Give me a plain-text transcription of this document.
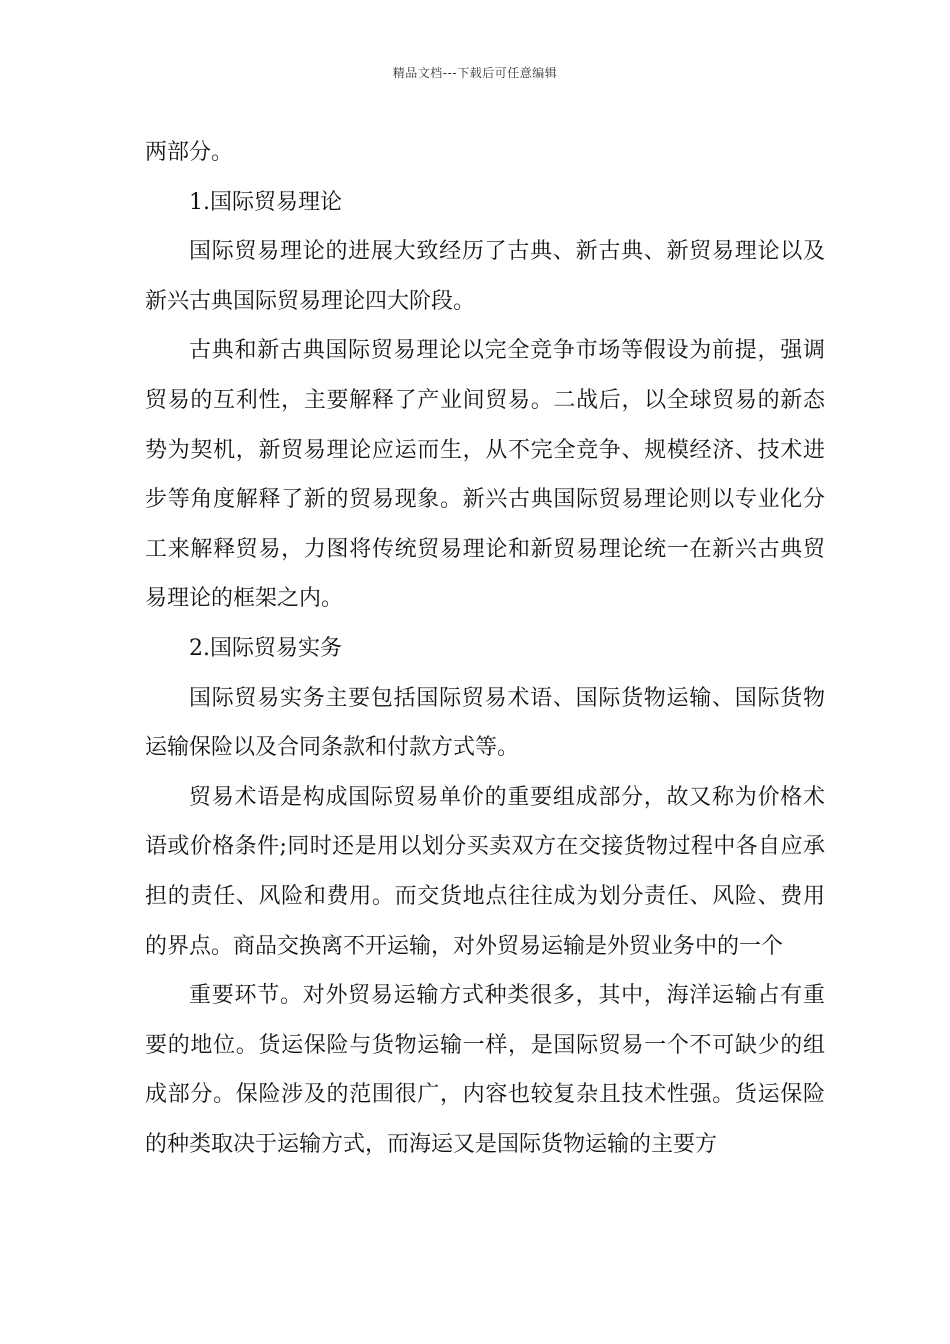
精品文档---下载后可任意编辑

两部分。

1.国际贸易理论

国际贸易理论的进展大致经历了古典、新古典、新贸易理论以及新兴古典国际贸易理论四大阶段。

古典和新古典国际贸易理论以完全竞争市场等假设为前提，强调贸易的互利性，主要解释了产业间贸易。二战后，以全球贸易的新态势为契机，新贸易理论应运而生，从不完全竞争、规模经济、技术进步等角度解释了新的贸易现象。新兴古典国际贸易理论则以专业化分工来解释贸易，力图将传统贸易理论和新贸易理论统一在新兴古典贸易理论的框架之内。

2.国际贸易实务

国际贸易实务主要包括国际贸易术语、国际货物运输、国际货物运输保险以及合同条款和付款方式等。

贸易术语是构成国际贸易单价的重要组成部分，故又称为价格术语或价格条件;同时还是用以划分买卖双方在交接货物过程中各自应承担的责任、风险和费用。而交货地点往往成为划分责任、风险、费用的界点。商品交换离不开运输，对外贸易运输是外贸业务中的一个

重要环节。对外贸易运输方式种类很多，其中，海洋运输占有重要的地位。货运保险与货物运输一样，是国际贸易一个不可缺少的组成部分。保险涉及的范围很广，内容也较复杂且技术性强。货运保险的种类取决于运输方式，而海运又是国际货物运输的主要方
